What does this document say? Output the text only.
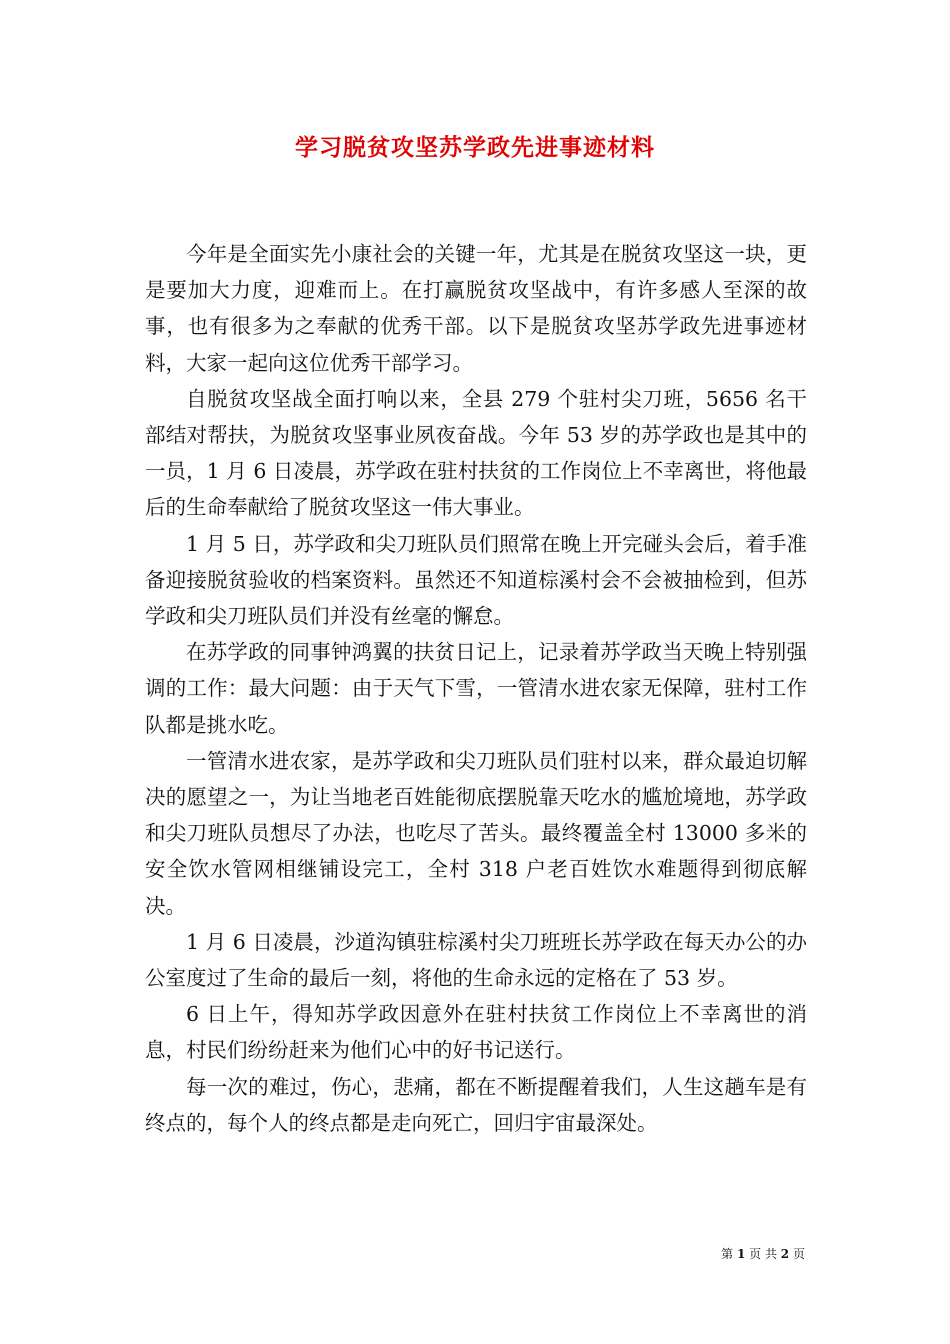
学习脱贫攻坚苏学政先进事迹材料

今年是全面实先小康社会的关键一年，尤其是在脱贫攻坚这一块，更是要加大力度，迎难而上。在打赢脱贫攻坚战中，有许多感人至深的故事，也有很多为之奉献的优秀干部。以下是脱贫攻坚苏学政先进事迹材料，大家一起向这位优秀干部学习。

自脱贫攻坚战全面打响以来，全县 279 个驻村尖刀班，5656 名干部结对帮扶，为脱贫攻坚事业夙夜奋战。今年 53 岁的苏学政也是其中的一员，1 月 6 日凌晨，苏学政在驻村扶贫的工作岗位上不幸离世，将他最后的生命奉献给了脱贫攻坚这一伟大事业。

1 月 5 日，苏学政和尖刀班队员们照常在晚上开完碰头会后，着手准备迎接脱贫验收的档案资料。虽然还不知道棕溪村会不会被抽检到，但苏学政和尖刀班队员们并没有丝毫的懈怠。

在苏学政的同事钟鸿翼的扶贫日记上，记录着苏学政当天晚上特别强调的工作：最大问题：由于天气下雪，一管清水进农家无保障，驻村工作队都是挑水吃。

一管清水进农家，是苏学政和尖刀班队员们驻村以来，群众最迫切解决的愿望之一，为让当地老百姓能彻底摆脱靠天吃水的尴尬境地，苏学政和尖刀班队员想尽了办法，也吃尽了苦头。最终覆盖全村 13000 多米的安全饮水管网相继铺设完工，全村 318 户老百姓饮水难题得到彻底解决。

1 月 6 日凌晨，沙道沟镇驻棕溪村尖刀班班长苏学政在每天办公的办公室度过了生命的最后一刻，将他的生命永远的定格在了 53 岁。

6 日上午，得知苏学政因意外在驻村扶贫工作岗位上不幸离世的消息，村民们纷纷赶来为他们心中的好书记送行。

每一次的难过，伤心，悲痛，都在不断提醒着我们，人生这趟车是有终点的，每个人的终点都是走向死亡，回归宇宙最深处。

第 1 页 共 2 页
